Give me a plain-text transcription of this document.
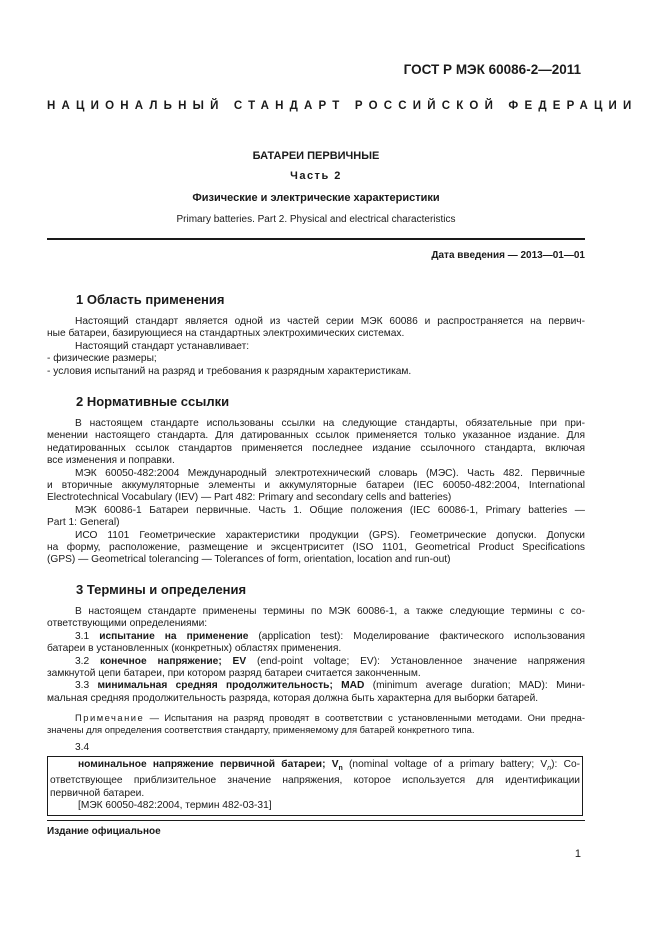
ГОСТ Р МЭК 60086-2—2011
НАЦИОНАЛЬНЫЙ СТАНДАРТ РОССИЙСКОЙ ФЕДЕРАЦИИ
БАТАРЕИ ПЕРВИЧНЫЕ
Часть 2
Физические и электрические характеристики
Primary batteries. Part 2. Physical and electrical characteristics
Дата введения — 2013—01—01
1 Область применения
Настоящий стандарт является одной из частей серии МЭК 60086 и распространяется на первич-
ные батареи, базирующиеся на стандартных электрохимических системах.
Настоящий стандарт устанавливает:
- физические размеры;
- условия испытаний на разряд и требования к разрядным характеристикам.
2 Нормативные ссылки
В настоящем стандарте использованы ссылки на следующие стандарты, обязательные при при-
менении настоящего стандарта. Для датированных ссылок применяется только указанное издание. Для
недатированных ссылок стандартов применяется последнее издание ссылочного стандарта, включая
все изменения и поправки.
МЭК 60050-482:2004 Международный электротехнический словарь (МЭС). Часть 482. Первичные
и вторичные аккумуляторные элементы и аккумуляторные батареи (IEC 60050-482:2004, International
Electrotechnical Vocabulary (IEV) — Part 482: Primary and secondary cells and batteries)
МЭК 60086-1 Батареи первичные. Часть 1. Общие положения (IEC 60086-1, Primary batteries —
Part 1: General)
ИСО 1101 Геометрические характеристики продукции (GPS). Геометрические допуски. Допуски
на форму, расположение, размещение и эксцентриситет (ISO 1101, Geometrical Product Specifications
(GPS) — Geometrical tolerancing — Tolerances of form, orientation, location and run-out)
3 Термины и определения
В настоящем стандарте применены термины по МЭК 60086-1, а также следующие термины с со-
ответствующими определениями:
3.1 испытание на применение (application test): Моделирование фактического использования
батареи в установленных (конкретных) областях применения.
3.2 конечное напряжение; EV (end-point voltage; EV): Установленное значение напряжения
замкнутой цепи батареи, при котором разряд батареи считается законченным.
3.3 минимальная средняя продолжительность; MAD (minimum average duration; MAD): Мини-
мальная средняя продолжительность разряда, которая должна быть характерна для выборки батарей.
Примечание — Испытания на разряд проводят в соответствии с установленными методами. Они предна-
значены для определения соответствия стандарту, применяемому для батарей конкретного типа.
3.4
номинальное напряжение первичной батареи; $V_n$ (nominal voltage of a primary battery; $V_n$): Со-
ответствующее приблизительное значение напряжения, которое используется для идентификации
первичной батареи.
[МЭК 60050-482:2004, термин 482-03-31]
Издание официальное
1
